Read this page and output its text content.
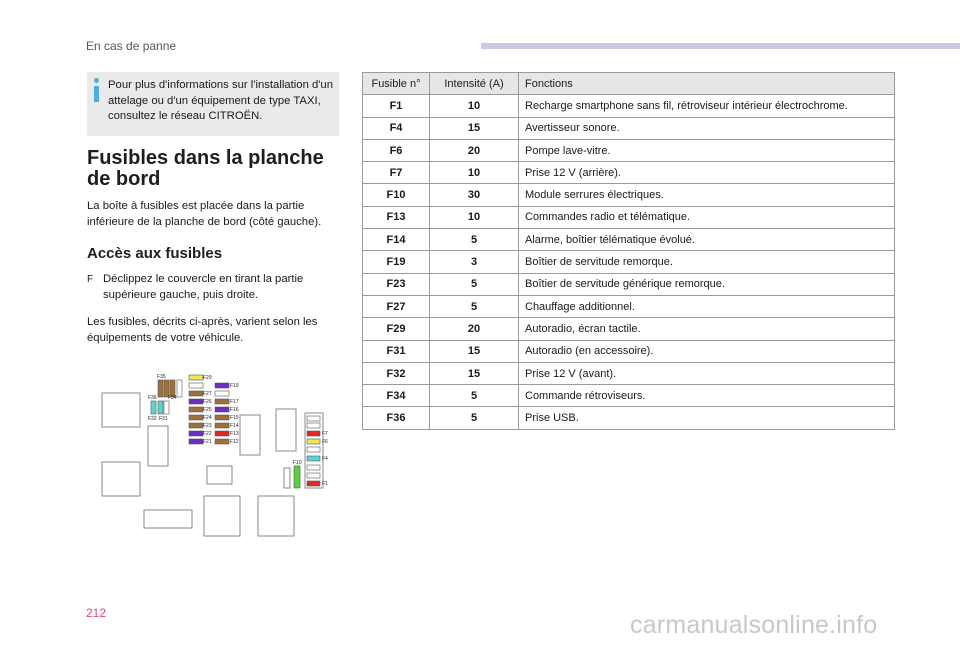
En cas de panne
Pour plus d'informations sur l'installation d'un attelage ou d'un équipement de type TAXI, consultez le réseau CITROËN.
Fusibles dans la planche de bord
La boîte à fusibles est placée dans la partie inférieure de la planche de bord (côté gauche).
Accès aux fusibles
F Déclippez le couvercle en tirant la partie supérieure gauche, puis droite.
Les fusibles, décrits ci-après, varient selon les équipements de votre véhicule.
Fusible n°	Intensité (A)	Fonctions
F1	10	Recharge smartphone sans fil, rétroviseur intérieur électrochrome.
F4	15	Avertisseur sonore.
F6	20	Pompe lave-vitre.
F7	10	Prise 12 V (arrière).
F10	30	Module serrures électriques.
F13	10	Commandes radio et télématique.
F14	5	Alarme, boîtier télématique évolué.
F19	3	Boîtier de servitude remorque.
F23	5	Boîtier de servitude générique remorque.
F27	5	Chauffage additionnel.
F29	20	Autoradio, écran tactile.
F31	15	Autoradio (en accessoire).
F32	15	Prise 12 V (avant).
F34	5	Commande rétroviseurs.
F36	5	Prise USB.
F35	F29
F19
F27
F36 F34
F26	F17
F25	F16
F32 F31	F24	F15
F23	F14
F22	F13
F21	F12
F7
F6
F4
F1
F10
212	carmanualsonline.info
